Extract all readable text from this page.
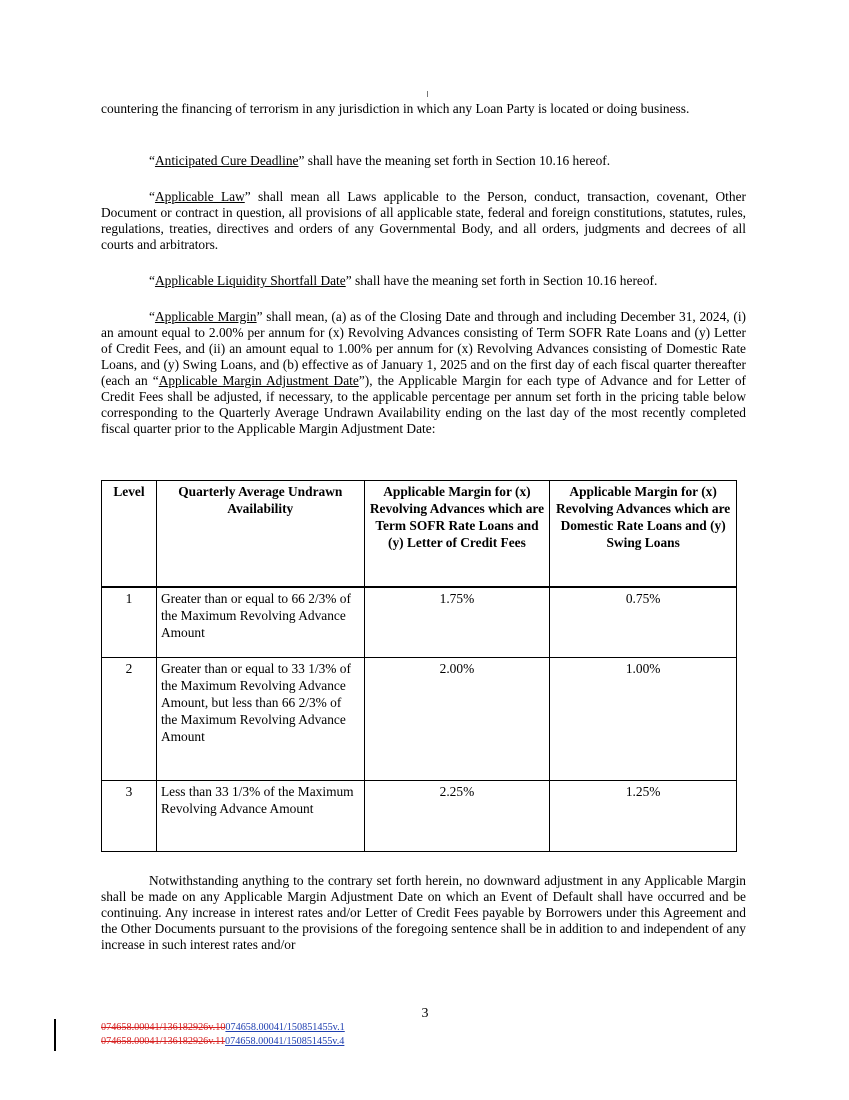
countering the financing of terrorism in any jurisdiction in which any Loan Party is located or doing business.

“Anticipated Cure Deadline” shall have the meaning set forth in Section 10.16 hereof.

“Applicable Law” shall mean all Laws applicable to the Person, conduct, transaction, covenant, Other Document or contract in question, all provisions of all applicable state, federal and foreign constitutions, statutes, rules, regulations, treaties, directives and orders of any Governmental Body, and all orders, judgments and decrees of all courts and arbitrators.

“Applicable Liquidity Shortfall Date” shall have the meaning set forth in Section 10.16 hereof.

“Applicable Margin” shall mean, (a) as of the Closing Date and through and including December 31, 2024, (i) an amount equal to 2.00% per annum for (x) Revolving Advances consisting of Term SOFR Rate Loans and (y) Letter of Credit Fees, and (ii) an amount equal to 1.00% per annum for (x) Revolving Advances consisting of Domestic Rate Loans, and (y) Swing Loans, and (b) effective as of January 1, 2025 and on the first day of each fiscal quarter thereafter (each an “Applicable Margin Adjustment Date”), the Applicable Margin for each type of Advance and for Letter of Credit Fees shall be adjusted, if necessary, to the applicable percentage per annum set forth in the pricing table below corresponding to the Quarterly Average Undrawn Availability ending on the last day of the most recently completed fiscal quarter prior to the Applicable Margin Adjustment Date:

Level	Quarterly Average Undrawn Availability	Applicable Margin for (x) Revolving Advances which are Term SOFR Rate Loans and (y) Letter of Credit Fees	Applicable Margin for (x) Revolving Advances which are Domestic Rate Loans and (y) Swing Loans
1	Greater than or equal to 66 2/3% of the Maximum Revolving Advance Amount	1.75%	0.75%
2	Greater than or equal to 33 1/3% of the Maximum Revolving Advance Amount, but less than 66 2/3% of the Maximum Revolving Advance Amount	2.00%	1.00%
3	Less than 33 1/3% of the Maximum Revolving Advance Amount	2.25%	1.25%

Notwithstanding anything to the contrary set forth herein, no downward adjustment in any Applicable Margin shall be made on any Applicable Margin Adjustment Date on which an Event of Default shall have occurred and be continuing. Any increase in interest rates and/or Letter of Credit Fees payable by Borrowers under this Agreement and the Other Documents pursuant to the provisions of the foregoing sentence shall be in addition to and independent of any increase in such interest rates and/or

3
074658.00041/136182926v.10074658.00041/150851455v.1
074658.00041/136182926v.11074658.00041/150851455v.4
